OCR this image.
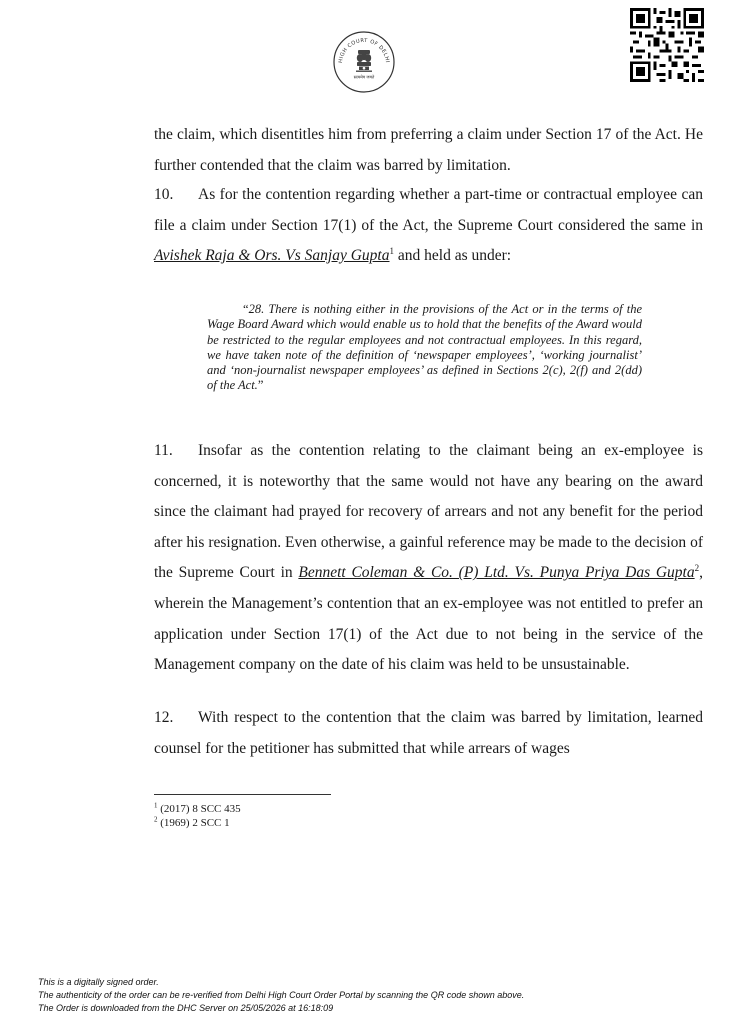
HIGH COURT OF DELHI
सत्यमेव जयते

the claim, which disentitles him from preferring a claim under Section 17 of the Act. He further contended that the claim was barred by limitation.

10. As for the contention regarding whether a part-time or contractual employee can file a claim under Section 17(1) of the Act, the Supreme Court considered the same in Avishek Raja & Ors. Vs Sanjay Gupta$^1$ and held as under:

“28. There is nothing either in the provisions of the Act or in the terms of the Wage Board Award which would enable us to hold that the benefits of the Award would be restricted to the regular employees and not contractual employees. In this regard, we have taken note of the definition of ‘newspaper employees’, ‘working journalist’ and ‘non-journalist newspaper employees’ as defined in Sections 2(c), 2(f) and 2(dd) of the Act.”

11. Insofar as the contention relating to the claimant being an ex-employee is concerned, it is noteworthy that the same would not have any bearing on the award since the claimant had prayed for recovery of arrears and not any benefit for the period after his resignation. Even otherwise, a gainful reference may be made to the decision of the Supreme Court in Bennett Coleman & Co. (P) Ltd. Vs. Punya Priya Das Gupta$^2$, wherein the Management’s contention that an ex-employee was not entitled to prefer an application under Section 17(1) of the Act due to not being in the service of the Management company on the date of his claim was held to be unsustainable.

12. With respect to the contention that the claim was barred by limitation, learned counsel for the petitioner has submitted that while arrears of wages

$^1$ (2017) 8 SCC 435

$^2$ (1969) 2 SCC 1

This is a digitally signed order.
The authenticity of the order can be re-verified from Delhi High Court Order Portal by scanning the QR code shown above.
The Order is downloaded from the DHC Server on 25/05/2026 at 16:18:09
